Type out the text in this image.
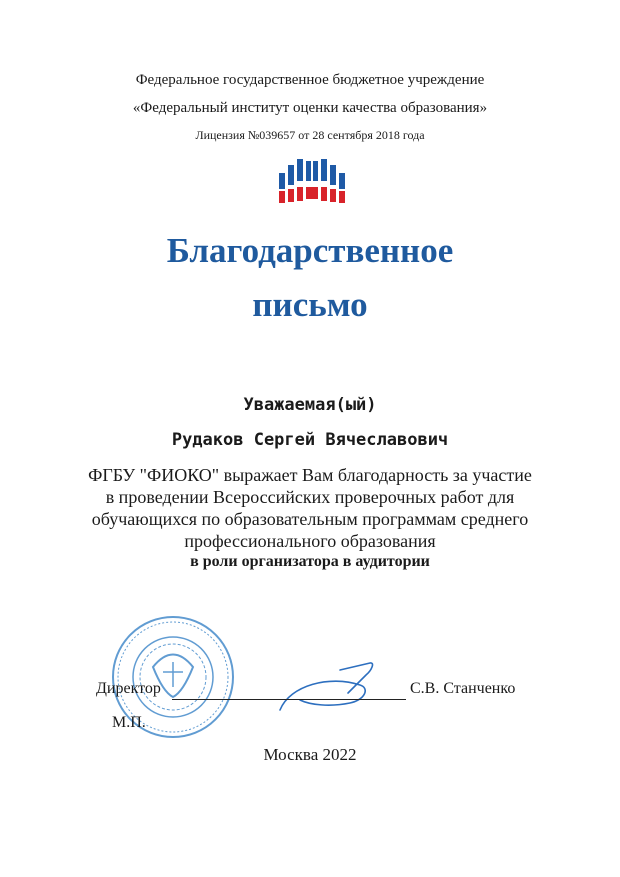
Федеральное государственное бюджетное учреждение
«Федеральный институт оценки качества образования»
Лицензия №039657 от 28 сентября 2018 года
Благодарственное
письмо
Уважаемая(ый)
Рудаков Сергей Вячеславович
ФГБУ "ФИОКО" выражает Вам благодарность за участие
в проведении Всероссийских проверочных работ для
обучающихся по образовательным программам среднего
профессионального образования
в роли организатора в аудитории
Директор	С.В. Станченко
М.П.
Москва 2022
